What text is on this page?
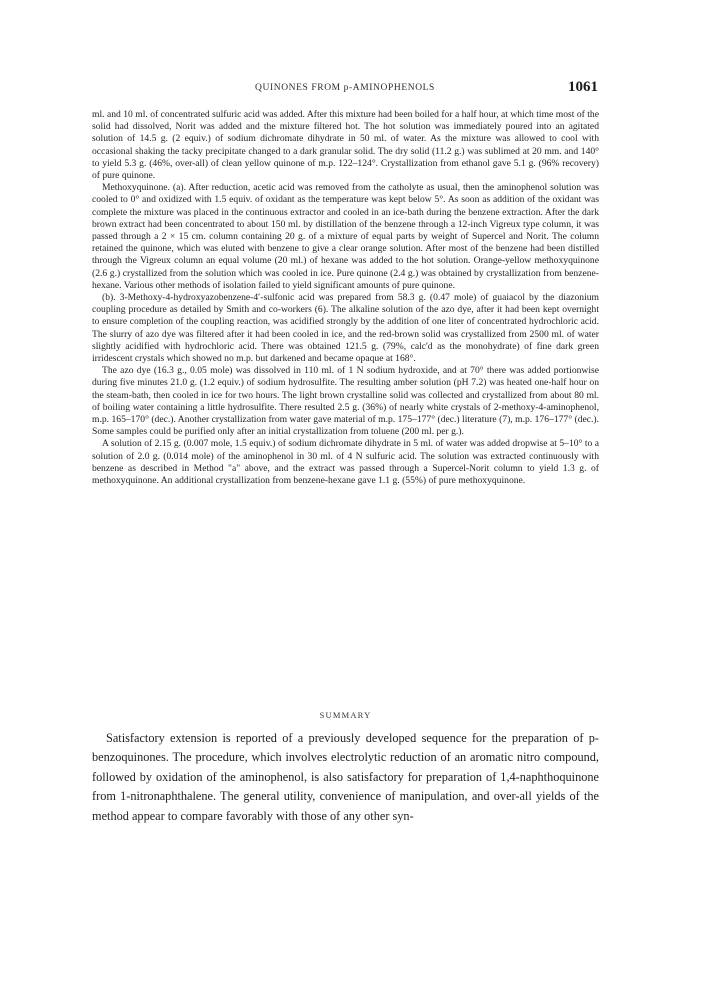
QUINONES FROM p-AMINOPHENOLS	1061

ml. and 10 ml. of concentrated sulfuric acid was added. After this mixture had been boiled for a half hour, at which time most of the solid had dissolved, Norit was added and the mixture filtered hot. The hot solution was immediately poured into an agitated solution of 14.5 g. (2 equiv.) of sodium dichromate dihydrate in 50 ml. of water. As the mixture was allowed to cool with occasional shaking the tacky precipitate changed to a dark granular solid. The dry solid (11.2 g.) was sublimed at 20 mm. and 140° to yield 5.3 g. (46%, over-all) of clean yellow quinone of m.p. 122–124°. Crystallization from ethanol gave 5.1 g. (96% recovery) of pure quinone.

Methoxyquinone. (a). After reduction, acetic acid was removed from the catholyte as usual, then the aminophenol solution was cooled to 0° and oxidized with 1.5 equiv. of oxidant as the temperature was kept below 5°. As soon as addition of the oxidant was complete the mixture was placed in the continuous extractor and cooled in an ice-bath during the benzene extraction. After the dark brown extract had been concentrated to about 150 ml. by distillation of the benzene through a 12-inch Vigreux type column, it was passed through a 2 × 15 cm. column containing 20 g. of a mixture of equal parts by weight of Supercel and Norit. The column retained the quinone, which was eluted with benzene to give a clear orange solution. After most of the benzene had been distilled through the Vigreux column an equal volume (20 ml.) of hexane was added to the hot solution. Orange-yellow methoxyquinone (2.6 g.) crystallized from the solution which was cooled in ice. Pure quinone (2.4 g.) was obtained by crystallization from benzene-hexane. Various other methods of isolation failed to yield significant amounts of pure quinone.

(b). 3-Methoxy-4-hydroxyazobenzene-4′-sulfonic acid was prepared from 58.3 g. (0.47 mole) of guaiacol by the diazonium coupling procedure as detailed by Smith and co-workers (6). The alkaline solution of the azo dye, after it had been kept overnight to ensure completion of the coupling reaction, was acidified strongly by the addition of one liter of concentrated hydrochloric acid. The slurry of azo dye was filtered after it had been cooled in ice, and the red-brown solid was crystallized from 2500 ml. of water slightly acidified with hydrochloric acid. There was obtained 121.5 g. (79%, calc'd as the monohydrate) of fine dark green irridescent crystals which showed no m.p. but darkened and became opaque at 168°.

The azo dye (16.3 g., 0.05 mole) was dissolved in 110 ml. of 1 N sodium hydroxide, and at 70° there was added portionwise during five minutes 21.0 g. (1.2 equiv.) of sodium hydrosulfite. The resulting amber solution (pH 7.2) was heated one-half hour on the steam-bath, then cooled in ice for two hours. The light brown crystalline solid was collected and crystallized from about 80 ml. of boiling water containing a little hydrosulfite. There resulted 2.5 g. (36%) of nearly white crystals of 2-methoxy-4-aminophenol, m.p. 165–170° (dec.). Another crystallization from water gave material of m.p. 175–177° (dec.) literature (7), m.p. 176–177° (dec.). Some samples could be purified only after an initial crystallization from toluene (200 ml. per g.).

A solution of 2.15 g. (0.007 mole, 1.5 equiv.) of sodium dichromate dihydrate in 5 ml. of water was added dropwise at 5–10° to a solution of 2.0 g. (0.014 mole) of the aminophenol in 30 ml. of 4 N sulfuric acid. The solution was extracted continuously with benzene as described in Method "a" above, and the extract was passed through a Supercel-Norit column to yield 1.3 g. of methoxyquinone. An additional crystallization from benzene-hexane gave 1.1 g. (55%) of pure methoxyquinone.

SUMMARY

Satisfactory extension is reported of a previously developed sequence for the preparation of p-benzoquinones. The procedure, which involves electrolytic reduction of an aromatic nitro compound, followed by oxidation of the aminophenol, is also satisfactory for preparation of 1,4-naphthoquinone from 1-nitronaphthalene. The general utility, convenience of manipulation, and over-all yields of the method appear to compare favorably with those of any other syn-
